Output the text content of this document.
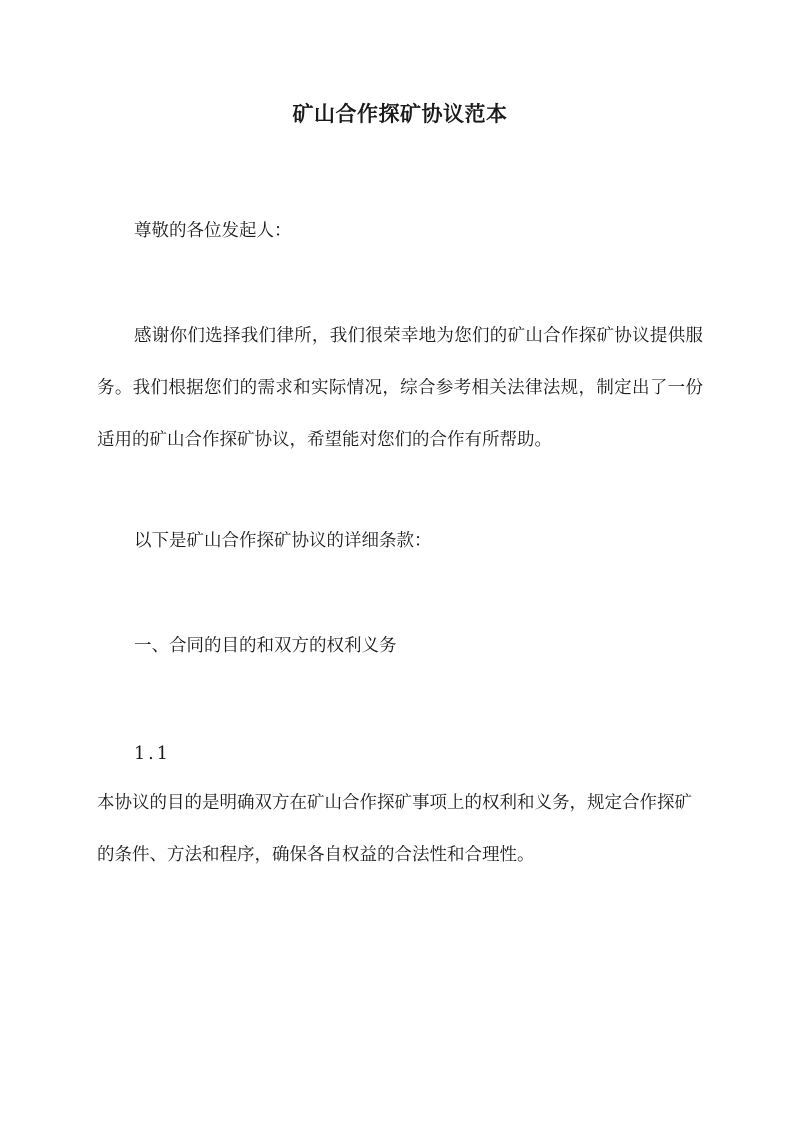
矿山合作探矿协议范本

尊敬的各位发起人：

感谢你们选择我们律所，我们很荣幸地为您们的矿山合作探矿协议提供服务。我们根据您们的需求和实际情况，综合参考相关法律法规，制定出了一份适用的矿山合作探矿协议，希望能对您们的合作有所帮助。

以下是矿山合作探矿协议的详细条款：

一、合同的目的和双方的权利义务

1.1

本协议的目的是明确双方在矿山合作探矿事项上的权利和义务，规定合作探矿的条件、方法和程序，确保各自权益的合法性和合理性。
